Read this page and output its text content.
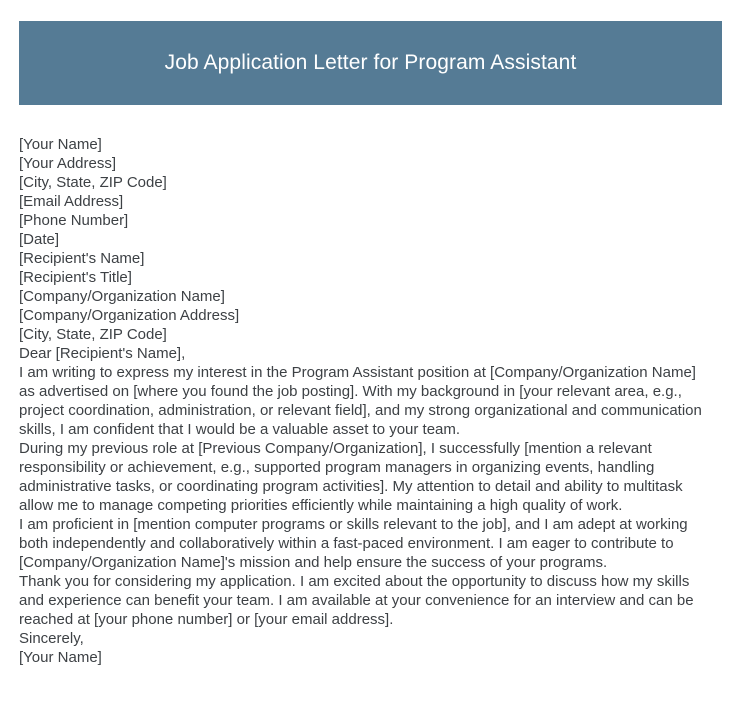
Job Application Letter for Program Assistant
[Your Name]
[Your Address]
[City, State, ZIP Code]
[Email Address]
[Phone Number]
[Date]
[Recipient's Name]
[Recipient's Title]
[Company/Organization Name]
[Company/Organization Address]
[City, State, ZIP Code]
Dear [Recipient's Name],

I am writing to express my interest in the Program Assistant position at [Company/Organization Name] as advertised on [where you found the job posting]. With my background in [your relevant area, e.g., project coordination, administration, or relevant field], and my strong organizational and communication skills, I am confident that I would be a valuable asset to your team.

During my previous role at [Previous Company/Organization], I successfully [mention a relevant responsibility or achievement, e.g., supported program managers in organizing events, handling administrative tasks, or coordinating program activities]. My attention to detail and ability to multitask allow me to manage competing priorities efficiently while maintaining a high quality of work.

I am proficient in [mention computer programs or skills relevant to the job], and I am adept at working both independently and collaboratively within a fast-paced environment. I am eager to contribute to [Company/Organization Name]'s mission and help ensure the success of your programs.

Thank you for considering my application. I am excited about the opportunity to discuss how my skills and experience can benefit your team. I am available at your convenience for an interview and can be reached at [your phone number] or [your email address].

Sincerely,
[Your Name]
